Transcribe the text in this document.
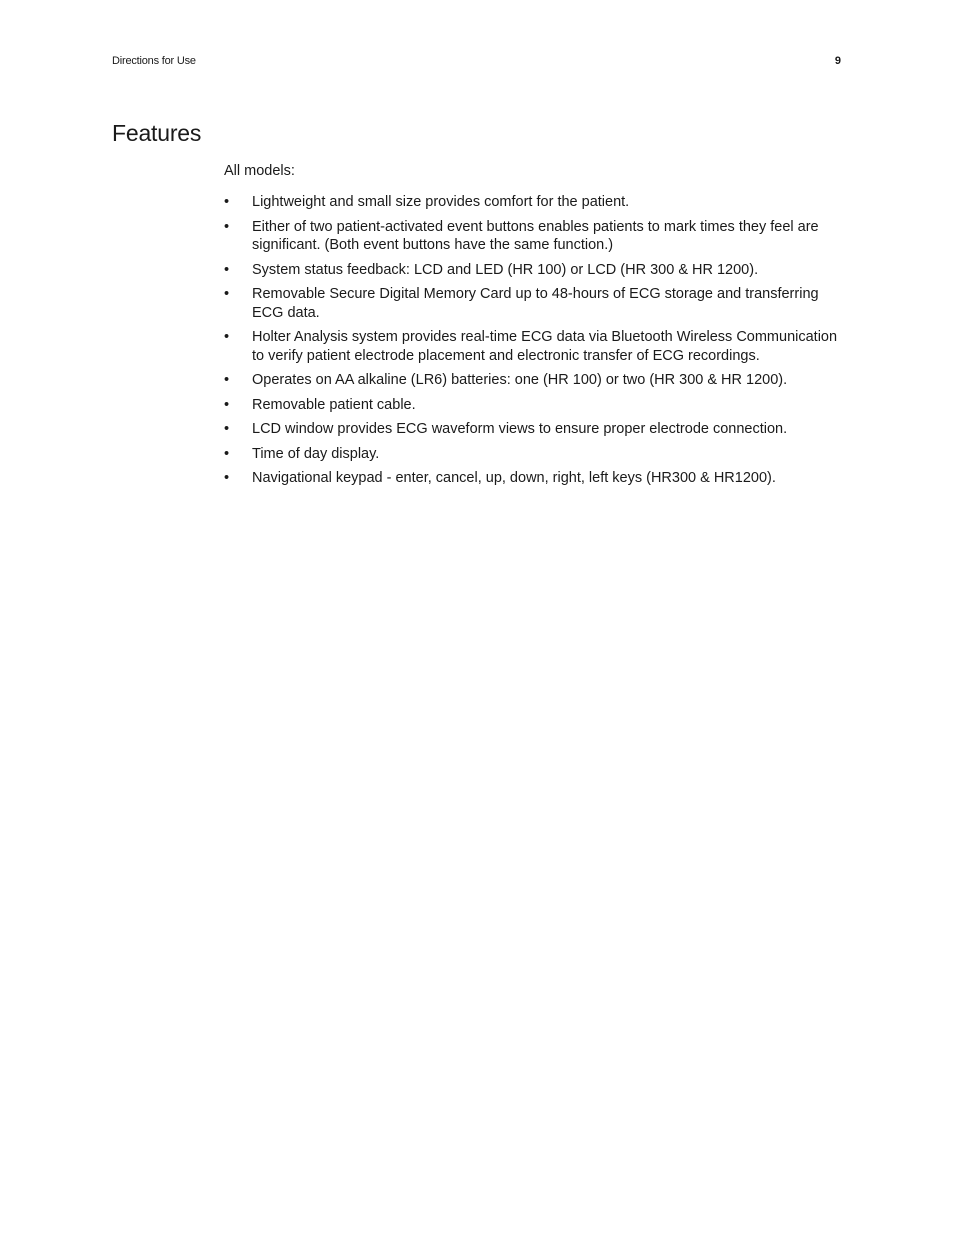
Directions for Use	9
Features

All models:

•	Lightweight and small size provides comfort for the patient.
•	Either of two patient-activated event buttons enables patients to mark times they feel are significant. (Both event buttons have the same function.)
•	System status feedback: LCD and LED (HR 100) or LCD (HR 300 & HR 1200).
•	Removable Secure Digital Memory Card up to 48-hours of ECG storage and transferring ECG data.
•	Holter Analysis system provides real-time ECG data via Bluetooth Wireless Communication to verify patient electrode placement and electronic transfer of ECG recordings.
•	Operates on AA alkaline (LR6) batteries: one (HR 100) or two (HR 300 & HR 1200).
•	Removable patient cable.
•	LCD window provides ECG waveform views to ensure proper electrode connection.
•	Time of day display.
•	Navigational keypad - enter, cancel, up, down, right, left keys (HR300 & HR1200).
